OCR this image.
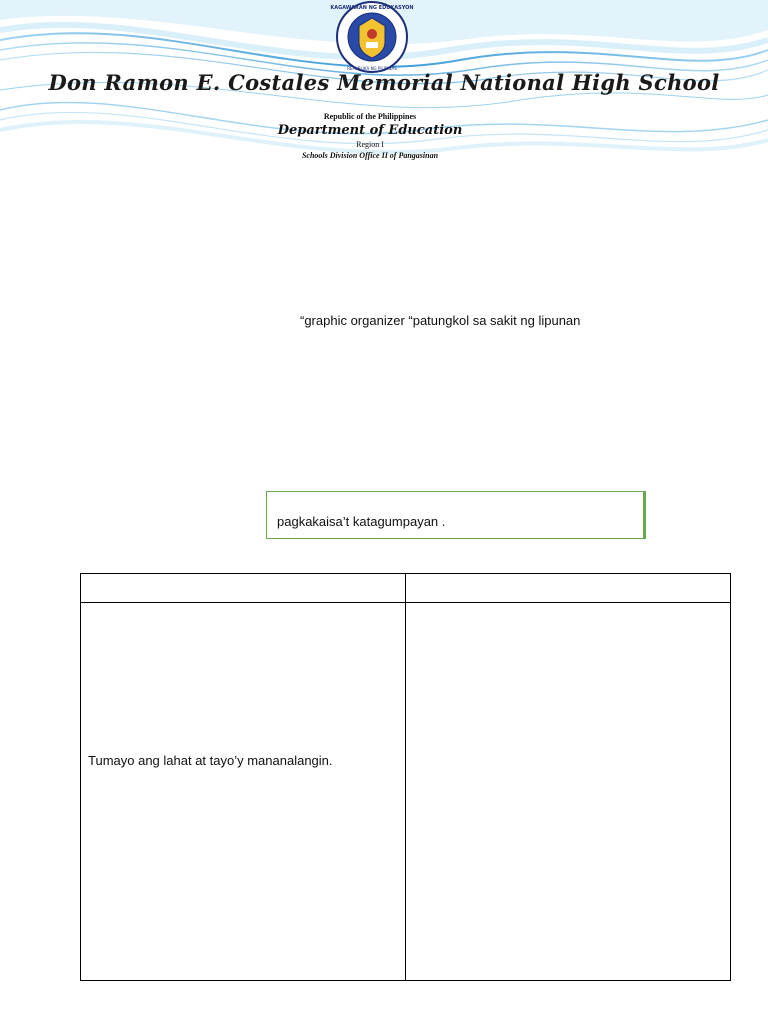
KAGAWARAN NG EDUKASYON
REPUBLIKA NG PILIPINAS
Don Ramon E. Costales Memorial National High School
Republic of the Philippines
Department of Education
Region I
Schools Division Office II of Pangasinan
“graphic organizer “patungkol sa sakit ng lipunan
pagkakaisa’t katagumpayan .

Tumayo ang lahat at tayo’y mananalangin.	
